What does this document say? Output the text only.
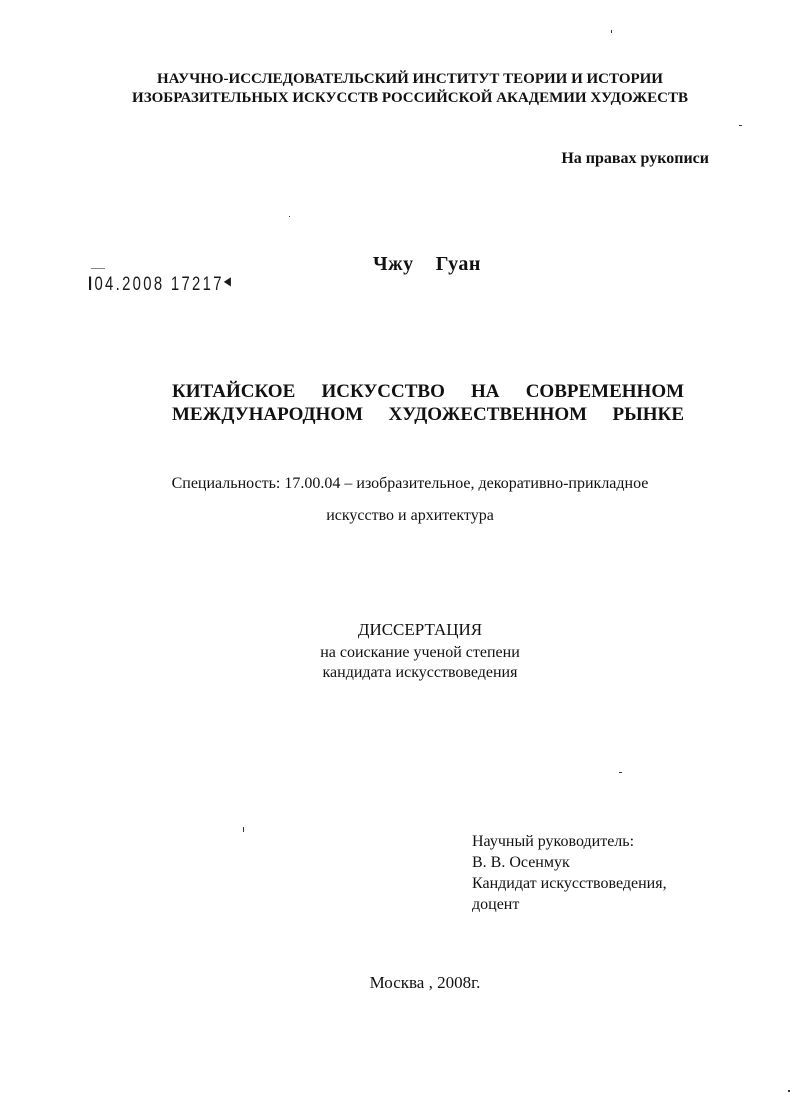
НАУЧНО-ИССЛЕДОВАТЕЛЬСКИЙ ИНСТИТУТ ТЕОРИИ И ИСТОРИИ
ИЗОБРАЗИТЕЛЬНЫХ ИСКУССТВ РОССИЙСКОЙ АКАДЕМИИ ХУДОЖЕСТВ
На правах рукописи
Чжу Гуан
I04.2008 17217◀
КИТАЙСКОЕ ИСКУССТВО НА СОВРЕМЕННОМ
МЕЖДУНАРОДНОМ ХУДОЖЕСТВЕННОМ РЫНКЕ
Специальность: 17.00.04 – изобразительное, декоративно-прикладное
искусство и архитектура
ДИССЕРТАЦИЯ
на соискание ученой степени
кандидата искусствоведения
Научный руководитель:
В. В. Осенмук
Кандидат искусствоведения,
доцент
Москва , 2008г.
